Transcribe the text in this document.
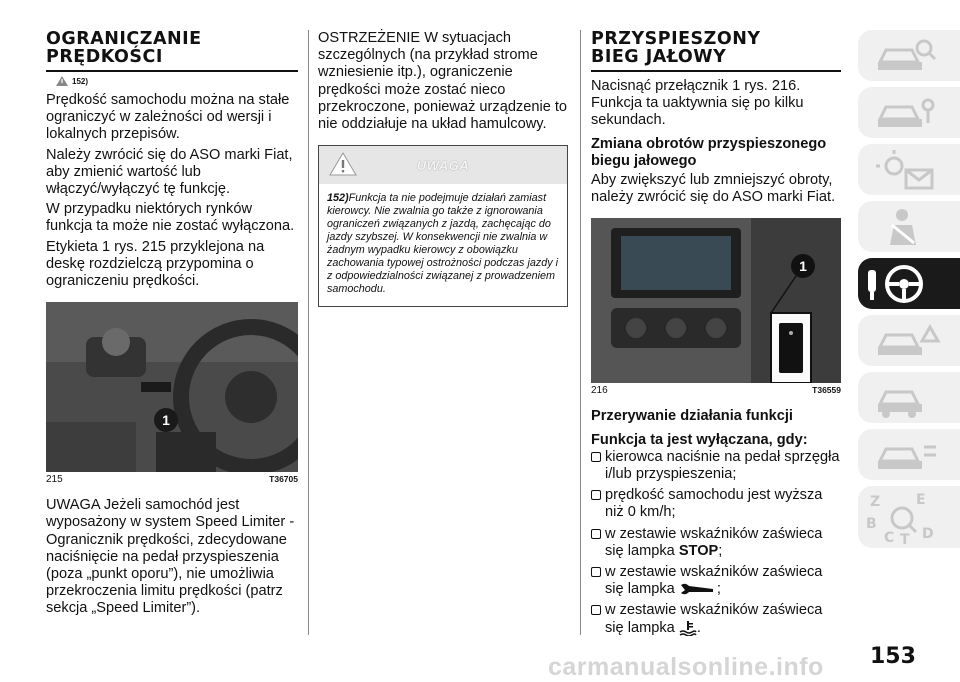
OGRANICZANIE
PRĘDKOŚCI
152)

Prędkość samochodu można na stałe ograniczyć w zależności od wersji i lokalnych przepisów.

Należy zwrócić się do ASO marki Fiat, aby zmienić wartość lub włączyć/wyłączyć tę funkcję.

W przypadku niektórych rynków funkcja ta może nie zostać wyłączona.

Etykieta 1 rys. 215 przyklejona na deskę rozdzielczą przypomina o ograniczeniu prędkości.

1
215	T36705

UWAGA Jeżeli samochód jest wyposażony w system Speed Limiter - Ogranicznik prędkości, zdecydowane naciśnięcie na pedał przyspieszenia (poza „punkt oporu”), nie umożliwia przekroczenia limitu prędkości (patrz sekcja „Speed Limiter”).

OSTRZEŻENIE W sytuacjach szczególnych (na przykład strome wzniesienie itp.), ograniczenie prędkości może zostać nieco przekroczone, ponieważ urządzenie to nie oddziałuje na układ hamulcowy.

UWAGA
152)Funkcja ta nie podejmuje działań zamiast kierowcy. Nie zwalnia go także z ignorowania ograniczeń związanych z jazdą, zachęcając do jazdy szybszej. W konsekwencji nie zwalnia w żadnym wypadku kierowcy z obowiązku zachowania typowej ostrożności podczas jazdy i z odpowiedzialności związanej z prowadzeniem samochodu.
PRZYSPIESZONY
BIEG JAŁOWY

Nacisnąć przełącznik 1 rys. 216. Funkcja ta uaktywnia się po kilku sekundach.

Zmiana obrotów przyspieszonego biegu jałowego

Aby zwiększyć lub zmniejszyć obroty, należy zwrócić się do ASO marki Fiat.

1
216	T36559
Przerywanie działania funkcji
Funkcja ta jest wyłączana, gdy:

kierowca naciśnie na pedał sprzęgła i/lub przyspieszenia;

prędkość samochodu jest wyższa niż 0 km/h;

w zestawie wskaźników zaświeca się lampka STOP;

w zestawie wskaźników zaświeca się lampka	;

w zestawie wskaźników zaświeca się lampka .

Z	E
B
C T D
153
carmanualsonline.info
